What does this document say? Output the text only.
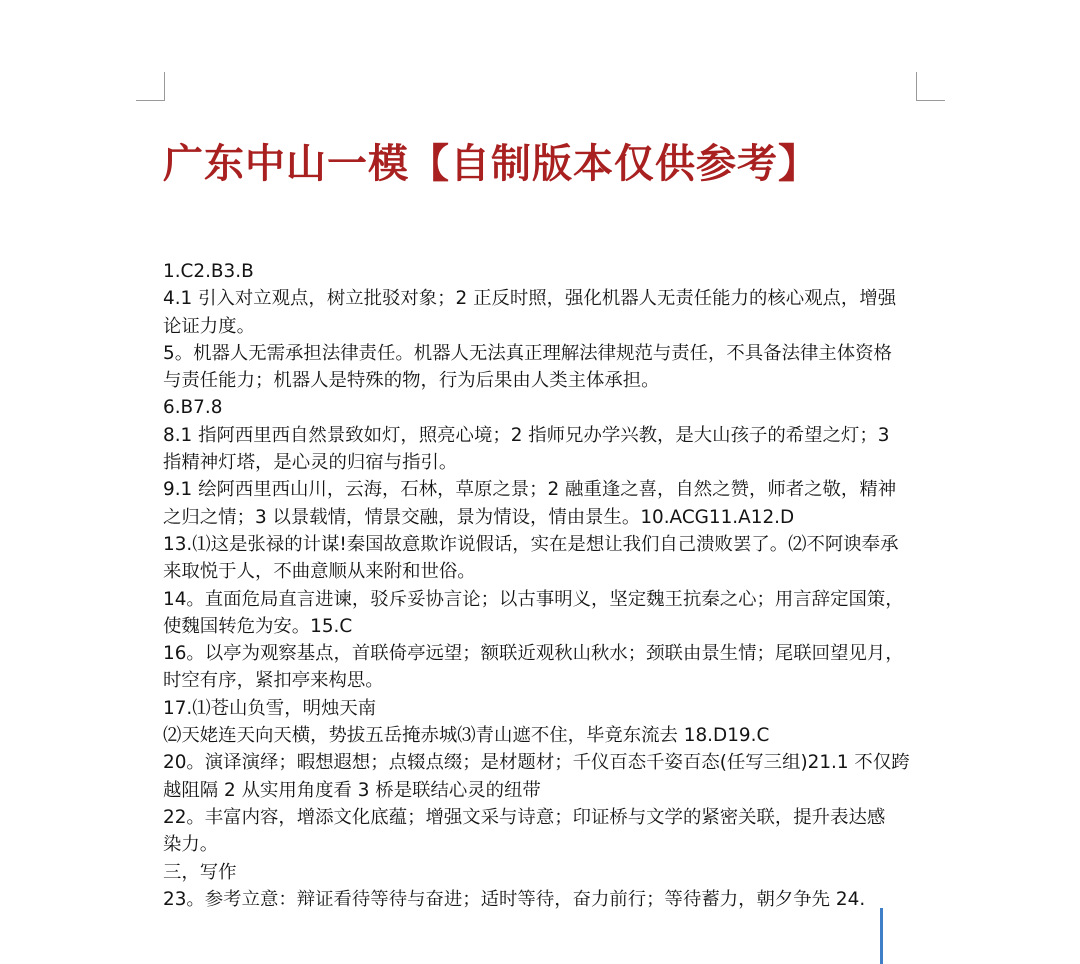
广东中山一模【自制版本仅供参考】
1.C2.B3.B
4.1 引入对立观点，树立批驳对象；2 正反时照，强化机器人无责任能力的核心观点，增强
论证力度。
5。机器人无需承担法律责任。机器人无法真正理解法律规范与责任，不具备法律主体资格
与责任能力；机器人是特殊的物，行为后果由人类主体承担。
6.B7.8
8.1 指阿西里西自然景致如灯，照亮心境；2 指师兄办学兴教，是大山孩子的希望之灯；3
指精神灯塔，是心灵的归宿与指引。
9.1 绘阿西里西山川，云海，石林，草原之景；2 融重逢之喜，自然之赞，师者之敬，精神
之归之情；3 以景载情，情景交融，景为情设，情由景生。10.ACG11.A12.D
13.⑴这是张禄的计谋!秦国故意欺诈说假话，实在是想让我们自己溃败罢了。⑵不阿谀奉承
来取悦于人，不曲意顺从来附和世俗。
14。直面危局直言进谏，驳斥妥协言论；以古事明义，坚定魏王抗秦之心；用言辞定国策，
使魏国转危为安。15.C
16。以亭为观察基点，首联倚亭远望；额联近观秋山秋水；颈联由景生情；尾联回望见月，
时空有序，紧扣亭来构思。
17.⑴苍山负雪，明烛天南
⑵天姥连天向天横，势拔五岳掩赤城⑶青山遮不住，毕竟东流去 18.D19.C
20。演译演绎；暇想遐想；点辍点缀；是材题材；千仪百态千姿百态(任写三组)21.1 不仅跨
越阻隔 2 从实用角度看 3 桥是联结心灵的纽带
22。丰富内容，增添文化底蕴；增强文采与诗意；印证桥与文学的紧密关联，提升表达感
染力。
三，写作
23。参考立意：辩证看待等待与奋进；适时等待，奋力前行；等待蓄力，朝夕争先 24.
